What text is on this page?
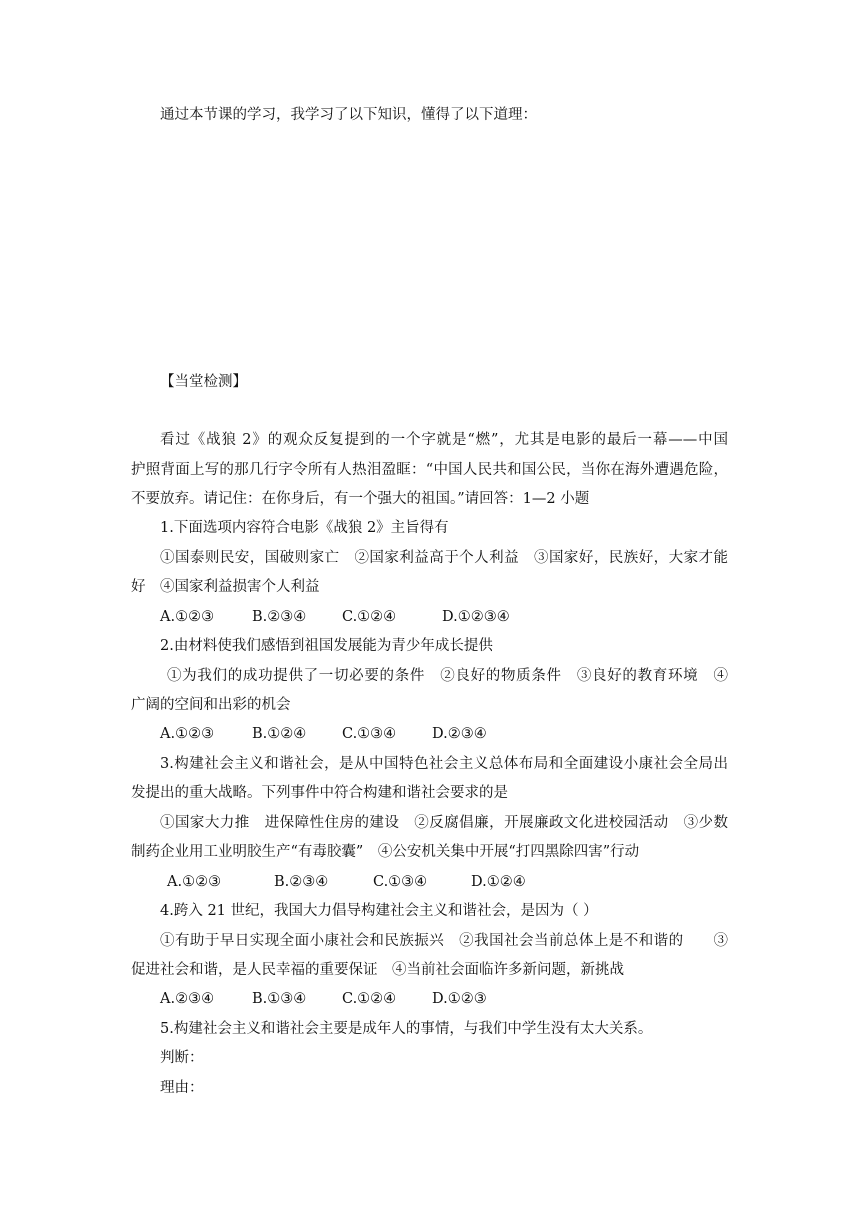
通过本节课的学习，我学习了以下知识，懂得了以下道理：
【当堂检测】
看过《战狼 2》的观众反复提到的一个字就是“燃”，尤其是电影的最后一幕——中国
护照背面上写的那几行字令所有人热泪盈眶：“中国人民共和国公民，当你在海外遭遇危险，
不要放弃。请记住：在你身后，有一个强大的祖国。”请回答：1—2 小题
1.下面选项内容符合电影《战狼 2》主旨得有
①国泰则民安，国破则家亡　②国家利益高于个人利益　③国家好，民族好，大家才能
好　④国家利益损害个人利益
A.①②③	B.②③④ C.①②④	D.①②③④
2.由材料使我们感悟到祖国发展能为青少年成长提供
①为我们的成功提供了一切必要的条件　②良好的物质条件　③良好的教育环境　④
广阔的空间和出彩的机会
A.①②③	B.①②④ C.①③④ D.②③④
3.构建社会主义和谐社会，是从中国特色社会主义总体布局和全面建设小康社会全局出
发提出的重大战略。下列事件中符合构建和谐社会要求的是
①国家大力推　进保障性住房的建设　②反腐倡廉，开展廉政文化进校园活动　③少数
制药企业用工业明胶生产“有毒胶囊”　④公安机关集中开展“打四黑除四害”行动
A.①②③	B.②③④	C.①③④	D.①②④
4.跨入 21 世纪，我国大力倡导构建社会主义和谐社会，是因为（ ）
①有助于早日实现全面小康社会和民族振兴　②我国社会当前总体上是不和谐的　　③
促进社会和谐，是人民幸福的重要保证　④当前社会面临许多新问题，新挑战
A.②③④	B.①③④ C.①②④ D.①②③
5.构建社会主义和谐社会主要是成年人的事情，与我们中学生没有太大关系。
判断：
理由：
